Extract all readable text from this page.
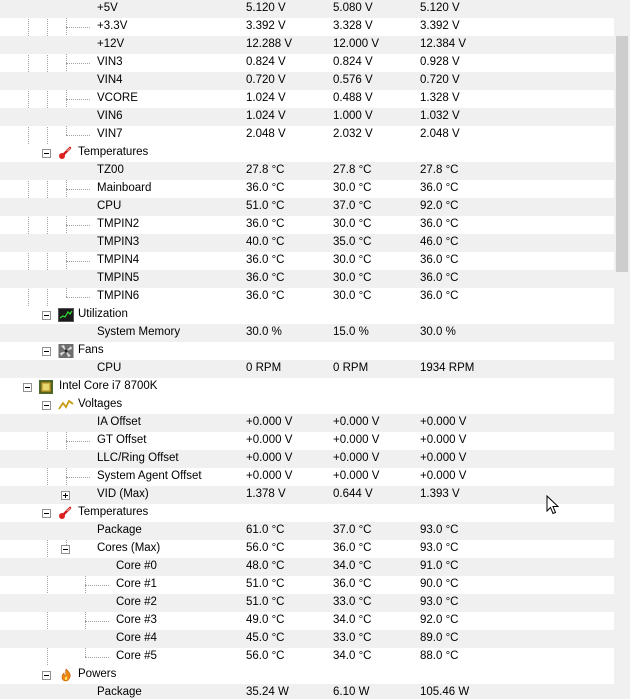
+5V	5.120 V	5.080 V	5.120 V
+3.3V	3.392 V	3.328 V	3.392 V
+12V	12.288 V	12.000 V	12.384 V
VIN3	0.824 V	0.824 V	0.928 V
VIN4	0.720 V	0.576 V	0.720 V
VCORE	1.024 V	0.488 V	1.328 V
VIN6	1.024 V	1.000 V	1.032 V
VIN7	2.048 V	2.032 V	2.048 V
Temperatures
TZ00	27.8 °C	27.8 °C	27.8 °C
Mainboard	36.0 °C	30.0 °C	36.0 °C
CPU	51.0 °C	37.0 °C	92.0 °C
TMPIN2	36.0 °C	30.0 °C	36.0 °C
TMPIN3	40.0 °C	35.0 °C	46.0 °C
TMPIN4	36.0 °C	30.0 °C	36.0 °C
TMPIN5	36.0 °C	30.0 °C	36.0 °C
TMPIN6	36.0 °C	30.0 °C	36.0 °C
Utilization
System Memory	30.0 %	15.0 %	30.0 %
Fans
CPU	0 RPM	0 RPM	1934 RPM
Intel Core i7 8700K
Voltages
IA Offset	+0.000 V	+0.000 V	+0.000 V
GT Offset	+0.000 V	+0.000 V	+0.000 V
LLC/Ring Offset	+0.000 V	+0.000 V	+0.000 V
System Agent Offset	+0.000 V	+0.000 V	+0.000 V
VID (Max)	1.378 V	0.644 V	1.393 V
Temperatures
Package	61.0 °C	37.0 °C	93.0 °C
Cores (Max)	56.0 °C	36.0 °C	93.0 °C
Core #0	48.0 °C	34.0 °C	91.0 °C
Core #1	51.0 °C	36.0 °C	90.0 °C
Core #2	51.0 °C	33.0 °C	93.0 °C
Core #3	49.0 °C	34.0 °C	92.0 °C
Core #4	45.0 °C	33.0 °C	89.0 °C
Core #5	56.0 °C	34.0 °C	88.0 °C
Powers
Package	35.24 W	6.10 W	105.46 W
